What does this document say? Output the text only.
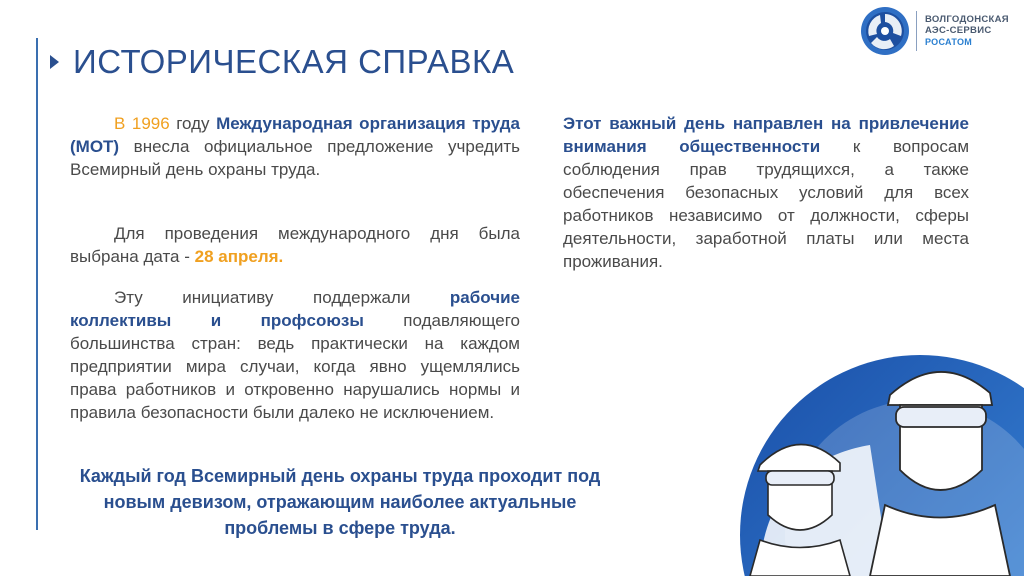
ИСТОРИЧЕСКАЯ СПРАВКА
ВОЛГОДОНСКАЯ
АЭС-СЕРВИС
РОСАТОМ
В 1996 году Международная организация труда (МОТ) внесла официальное предложение учредить Всемирный день охраны труда.
Для проведения международного дня была выбрана дата - 28 апреля.
Эту инициативу поддержали рабочие коллективы и профсоюзы подавляющего большинства стран: ведь практически на каждом предприятии мира случаи, когда явно ущемлялись права работников и откровенно нарушались нормы и правила безопасности были далеко не исключением.
Этот важный день направлен на привлечение внимания общественности к вопросам соблюдения прав трудящихся, а также обеспечения безопасных условий для всех работников независимо от должности, сферы деятельности, заработной платы или места проживания.
Каждый год Всемирный день охраны труда проходит под новым девизом, отражающим наиболее актуальные проблемы в сфере труда.
